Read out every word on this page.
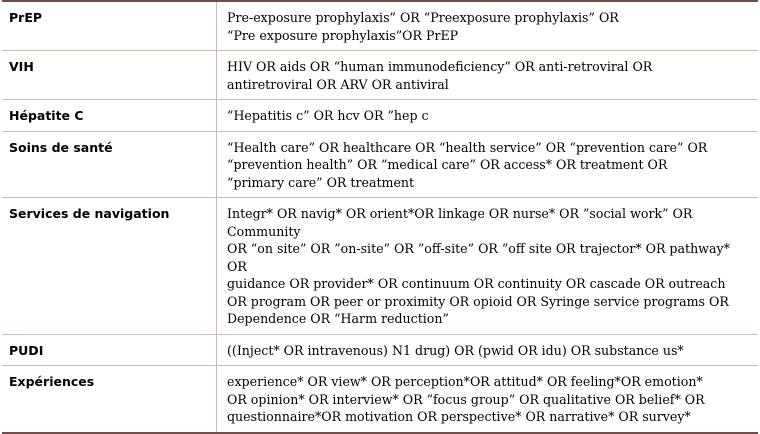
PrEP	Pre-exposure prophylaxis” OR “Preexposure prophylaxis” OR
“Pre exposure prophylaxis”OR PrEP

VIH	HIV OR aids OR “human immunodeficiency” OR anti-retroviral OR
antiretroviral OR ARV OR antiviral

Hépatite C	”Hepatitis c” OR hcv OR ”hep c

Soins de santé	“Health care” OR healthcare OR “health service” OR “prevention care” OR
“prevention health” OR “medical care” OR access* OR treatment OR
“primary care” OR treatment

Services de navigation	Integr* OR navig* OR orient*OR linkage OR nurse* OR ”social work” OR Community
OR “on site” OR ”on-site” OR ”off-site” OR ”off site OR trajector* OR pathway* OR
guidance OR provider* OR continuum OR continuity OR cascade OR outreach
OR program OR peer or proximity OR opioid OR Syringe service programs OR
Dependence OR “Harm reduction”

PUDI	((Inject* OR intravenous) N1 drug) OR (pwid OR idu) OR substance us*

Expériences	experience* OR view* OR perception*OR attitud* OR feeling*OR emotion*
OR opinion* OR interview* OR ”focus group” OR qualitative OR belief* OR
questionnaire*OR motivation OR perspective* OR narrative* OR survey*
